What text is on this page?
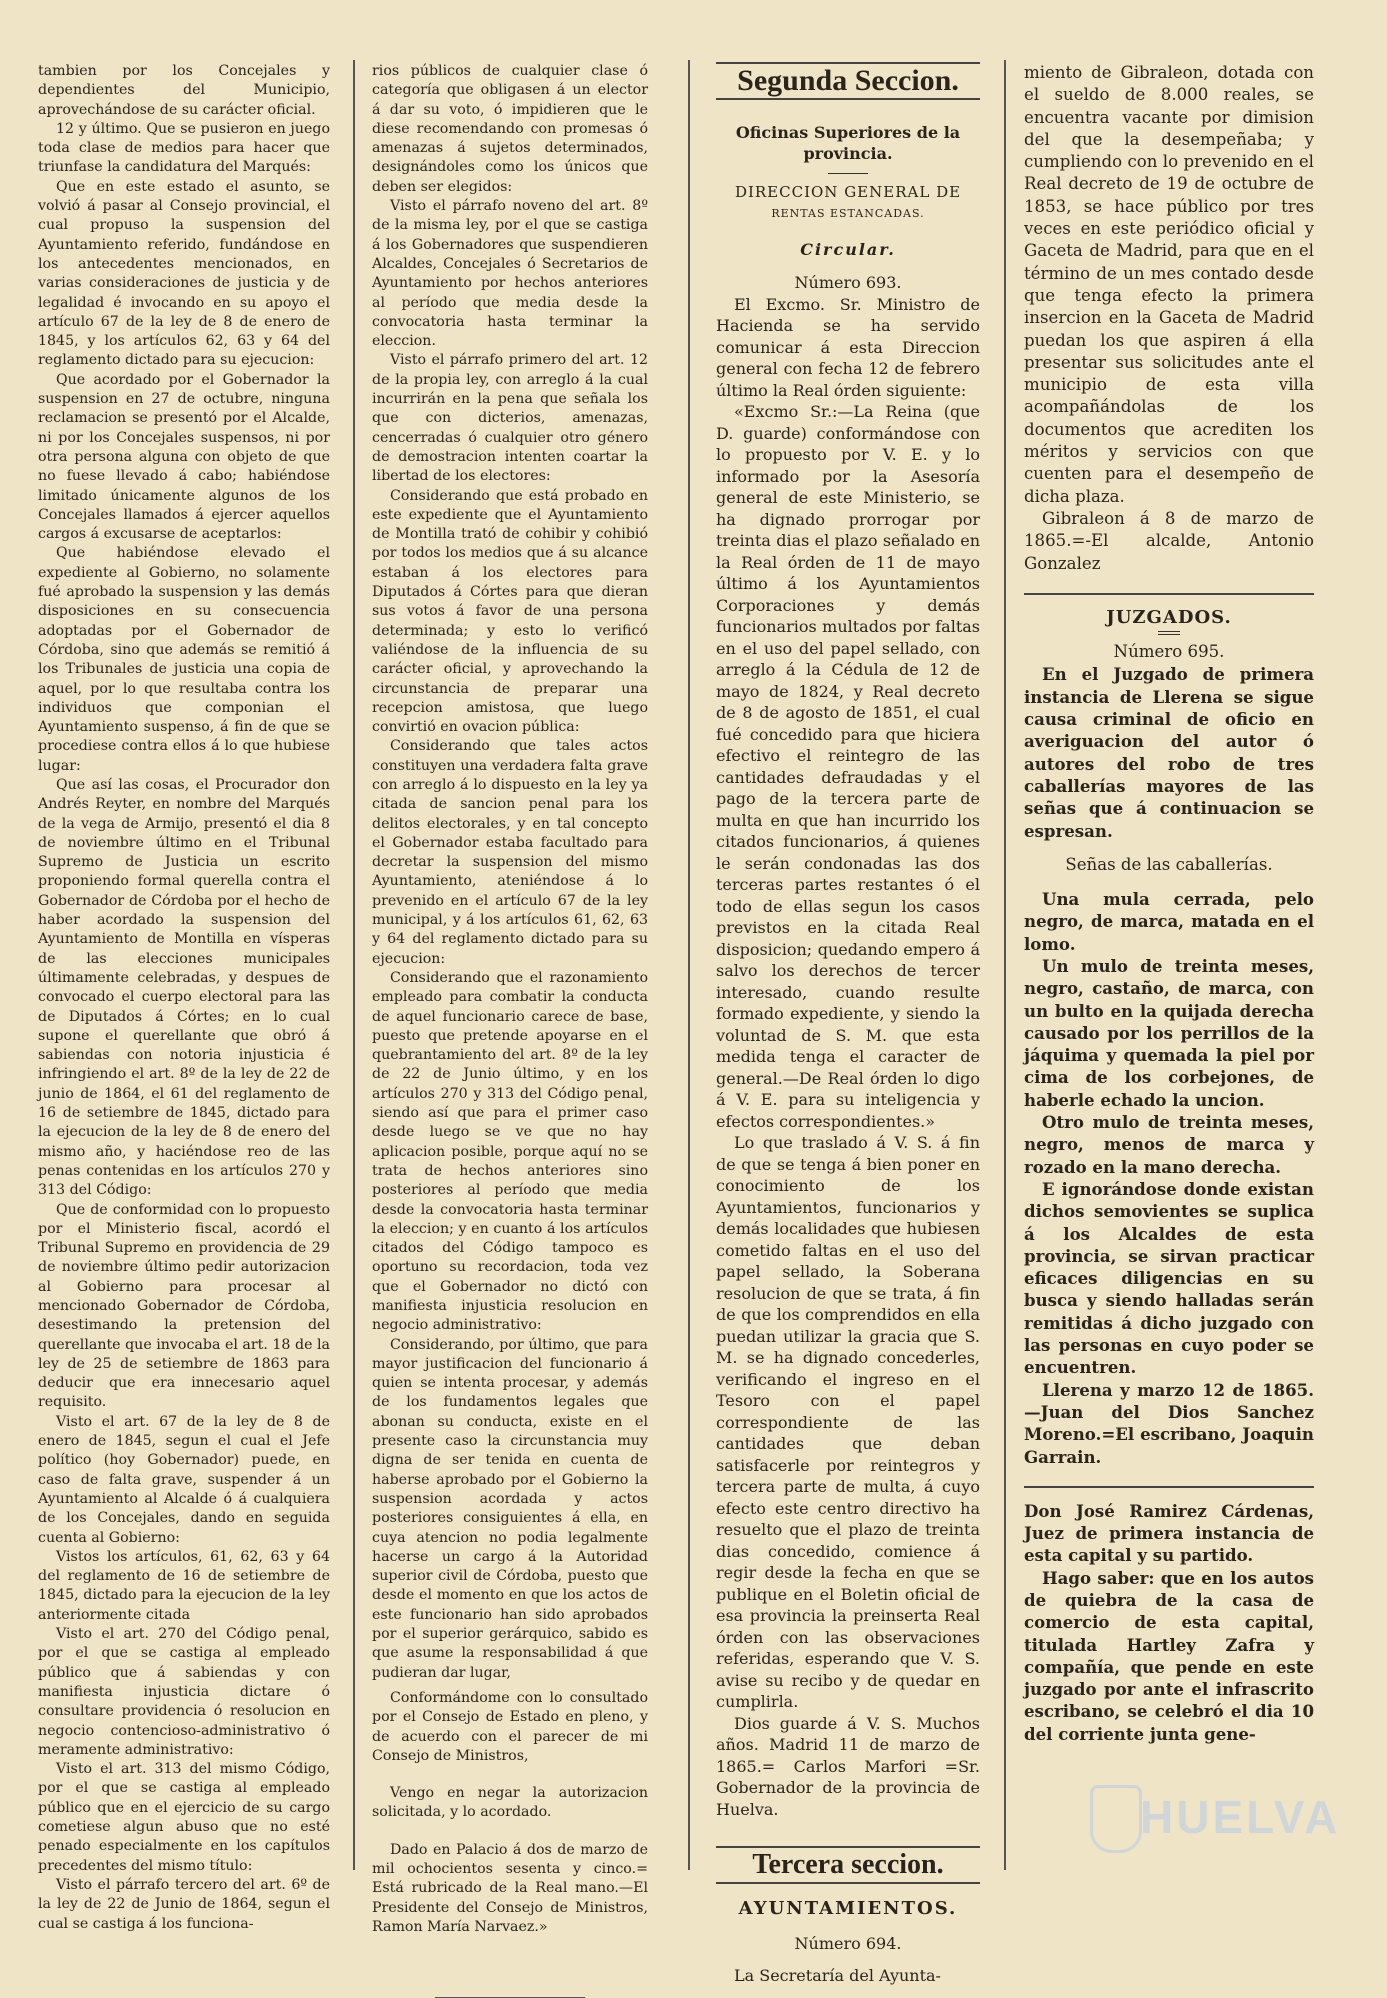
tambien por los Concejales y dependientes del Municipio, aprovechándose de su carácter oficial.

12 y último. Que se pusieron en juego toda clase de medios para hacer que triunfase la candidatura del Marqués:

Que en este estado el asunto, se volvió á pasar al Consejo provincial, el cual propuso la suspension del Ayuntamiento referido, fundándose en los antecedentes mencionados, en varias consideraciones de justicia y de legalidad é invocando en su apoyo el artículo 67 de la ley de 8 de enero de 1845, y los artículos 62, 63 y 64 del reglamento dictado para su ejecucion:

Que acordado por el Gobernador la suspension en 27 de octubre, ninguna reclamacion se presentó por el Alcalde, ni por los Concejales suspensos, ni por otra persona alguna con objeto de que no fuese llevado á cabo; habiéndose limitado únicamente algunos de los Concejales llamados á ejercer aquellos cargos á excusarse de aceptarlos:

Que habiéndose elevado el expediente al Gobierno, no solamente fué aprobado la suspension y las demás disposiciones en su consecuencia adoptadas por el Gobernador de Córdoba, sino que además se remitió á los Tribunales de justicia una copia de aquel, por lo que resultaba contra los individuos que componian el Ayuntamiento suspenso, á fin de que se procediese contra ellos á lo que hubiese lugar:

Que así las cosas, el Procurador don Andrés Reyter, en nombre del Marqués de la vega de Armijo, presentó el dia 8 de noviembre último en el Tribunal Supremo de Justicia un escrito proponiendo formal querella contra el Gobernador de Córdoba por el hecho de haber acordado la suspension del Ayuntamiento de Montilla en vísperas de las elecciones municipales últimamente celebradas, y despues de convocado el cuerpo electoral para las de Diputados á Córtes; en lo cual supone el querellante que obró á sabiendas con notoria injusticia é infringiendo el art. 8º de la ley de 22 de junio de 1864, el 61 del reglamento de 16 de setiembre de 1845, dictado para la ejecucion de la ley de 8 de enero del mismo año, y haciéndose reo de las penas contenidas en los artículos 270 y 313 del Código:

Que de conformidad con lo propuesto por el Ministerio fiscal, acordó el Tribunal Supremo en providencia de 29 de noviembre último pedir autorizacion al Gobierno para procesar al mencionado Gobernador de Córdoba, desestimando la pretension del querellante que invocaba el art. 18 de la ley de 25 de setiembre de 1863 para deducir que era innecesario aquel requisito.

Visto el art. 67 de la ley de 8 de enero de 1845, segun el cual el Jefe político (hoy Gobernador) puede, en caso de falta grave, suspender á un Ayuntamiento al Alcalde ó á cualquiera de los Concejales, dando en seguida cuenta al Gobierno:

Vistos los artículos, 61, 62, 63 y 64 del reglamento de 16 de setiembre de 1845, dictado para la ejecucion de la ley anteriormente citada

Visto el art. 270 del Código penal, por el que se castiga al empleado público que á sabiendas y con manifiesta injusticia dictare ó consultare providencia ó resolucion en negocio contencioso-administrativo ó meramente administrativo:

Visto el art. 313 del mismo Código, por el que se castiga al empleado público que en el ejercicio de su cargo cometiese algun abuso que no esté penado especialmente en los capítulos precedentes del mismo título:

Visto el párrafo tercero del art. 6º de la ley de 22 de Junio de 1864, segun el cual se castiga á los funciona-

rios públicos de cualquier clase ó categoría que obligasen á un elector á dar su voto, ó impidieren que le diese recomendando con promesas ó amenazas á sujetos determinados, designándoles como los únicos que deben ser elegidos:

Visto el párrafo noveno del art. 8º de la misma ley, por el que se castiga á los Gobernadores que suspendieren Alcaldes, Concejales ó Secretarios de Ayuntamiento por hechos anteriores al período que media desde la convocatoria hasta terminar la eleccion.

Visto el párrafo primero del art. 12 de la propia ley, con arreglo á la cual incurrirán en la pena que señala los que con dicterios, amenazas, cencerradas ó cualquier otro género de demostracion intenten coartar la libertad de los electores:

Considerando que está probado en este expediente que el Ayuntamiento de Montilla trató de cohibir y cohibió por todos los medios que á su alcance estaban á los electores para Diputados á Córtes para que dieran sus votos á favor de una persona determinada; y esto lo verificó valiéndose de la influencia de su carácter oficial, y aprovechando la circunstancia de preparar una recepcion amistosa, que luego convirtió en ovacion pública:

Considerando que tales actos constituyen una verdadera falta grave con arreglo á lo dispuesto en la ley ya citada de sancion penal para los delitos electorales, y en tal concepto el Gobernador estaba facultado para decretar la suspension del mismo Ayuntamiento, ateniéndose á lo prevenido en el artículo 67 de la ley municipal, y á los artículos 61, 62, 63 y 64 del reglamento dictado para su ejecucion:

Considerando que el razonamiento empleado para combatir la conducta de aquel funcionario carece de base, puesto que pretende apoyarse en el quebrantamiento del art. 8º de la ley de 22 de Junio último, y en los artículos 270 y 313 del Código penal, siendo así que para el primer caso desde luego se ve que no hay aplicacion posible, porque aquí no se trata de hechos anteriores sino posteriores al período que media desde la convocatoria hasta terminar la eleccion; y en cuanto á los artículos citados del Código tampoco es oportuno su recordacion, toda vez que el Gobernador no dictó con manifiesta injusticia resolucion en negocio administrativo:

Considerando, por último, que para mayor justificacion del funcionario á quien se intenta procesar, y además de los fundamentos legales que abonan su conducta, existe en el presente caso la circunstancia muy digna de ser tenida en cuenta de haberse aprobado por el Gobierno la suspension acordada y actos posteriores consiguientes á ella, en cuya atencion no podia legalmente hacerse un cargo á la Autoridad superior civil de Córdoba, puesto que desde el momento en que los actos de este funcionario han sido aprobados por el superior gerárquico, sabido es que asume la responsabilidad á que pudieran dar lugar,

Conformándome con lo consultado por el Consejo de Estado en pleno, y de acuerdo con el parecer de mi Consejo de Ministros,

Vengo en negar la autorizacion solicitada, y lo acordado.

Dado en Palacio á dos de marzo de mil ochocientos sesenta y cinco.= Está rubricado de la Real mano.—El Presidente del Consejo de Ministros, Ramon María Narvaez.»

Segunda Seccion.

Oficinas Superiores de la provincia.

DIRECCION GENERAL DE

RENTAS ESTANCADAS.

Circular.

Número 693.

El Excmo. Sr. Ministro de Hacienda se ha servido comunicar á esta Direccion general con fecha 12 de febrero último la Real órden siguiente:

«Excmo Sr.:—La Reina (que D. guarde) conformándose con lo propuesto por V. E. y lo informado por la Asesoría general de este Ministerio, se ha dignado prorrogar por treinta dias el plazo señalado en la Real órden de 11 de mayo último á los Ayuntamientos Corporaciones y demás funcionarios multados por faltas en el uso del papel sellado, con arreglo á la Cédula de 12 de mayo de 1824, y Real decreto de 8 de agosto de 1851, el cual fué concedido para que hiciera efectivo el reintegro de las cantidades defraudadas y el pago de la tercera parte de multa en que han incurrido los citados funcionarios, á quienes le serán condonadas las dos terceras partes restantes ó el todo de ellas segun los casos previstos en la citada Real disposicion; quedando empero á salvo los derechos de tercer interesado, cuando resulte formado expediente, y siendo la voluntad de S. M. que esta medida tenga el caracter de general.—De Real órden lo digo á V. E. para su inteligencia y efectos correspondientes.»

Lo que traslado á V. S. á fin de que se tenga á bien poner en conocimiento de los Ayuntamientos, funcionarios y demás localidades que hubiesen cometido faltas en el uso del papel sellado, la Soberana resolucion de que se trata, á fin de que los comprendidos en ella puedan utilizar la gracia que S. M. se ha dignado concederles, verificando el ingreso en el Tesoro con el papel correspondiente de las cantidades que deban satisfacerle por reintegros y tercera parte de multa, á cuyo efecto este centro directivo ha resuelto que el plazo de treinta dias concedido, comience á regir desde la fecha en que se publique en el Boletin oficial de esa provincia la preinserta Real órden con las observaciones referidas, esperando que V. S. avise su recibo y de quedar en cumplirla.

Dios guarde á V. S. Muchos años. Madrid 11 de marzo de 1865.= Carlos Marfori =Sr. Gobernador de la provincia de Huelva.

Tercera seccion.

AYUNTAMIENTOS.

Número 694.

La Secretaría del Ayunta-

miento de Gibraleon, dotada con el sueldo de 8.000 reales, se encuentra vacante por dimision del que la desempeñaba; y cumpliendo con lo prevenido en el Real decreto de 19 de octubre de 1853, se hace público por tres veces en este periódico oficial y Gaceta de Madrid, para que en el término de un mes contado desde que tenga efecto la primera insercion en la Gaceta de Madrid puedan los que aspiren á ella presentar sus solicitudes ante el municipio de esta villa acompañándolas de los documentos que acrediten los méritos y servicios con que cuenten para el desempeño de dicha plaza.

Gibraleon á 8 de marzo de 1865.=-El alcalde, Antonio Gonzalez

JUZGADOS.

Número 695.

En el Juzgado de primera instancia de Llerena se sigue causa criminal de oficio en averiguacion del autor ó autores del robo de tres caballerías mayores de las señas que á continuacion se espresan.

Señas de las caballerías.

Una mula cerrada, pelo negro, de marca, matada en el lomo.

Un mulo de treinta meses, negro, castaño, de marca, con un bulto en la quijada derecha causado por los perrillos de la jáquima y quemada la piel por cima de los corbejones, de haberle echado la uncion.

Otro mulo de treinta meses, negro, menos de marca y rozado en la mano derecha.

E ignorándose donde existan dichos semovientes se suplica á los Alcaldes de esta provincia, se sirvan practicar eficaces diligencias en su busca y siendo halladas serán remitidas á dicho juzgado con las personas en cuyo poder se encuentren.

Llerena y marzo 12 de 1865.—Juan del Dios Sanchez Moreno.=El escribano, Joaquin Garrain.

Don José Ramirez Cárdenas, Juez de primera instancia de esta capital y su partido.

Hago saber: que en los autos de quiebra de la casa de comercio de esta capital, titulada Hartley Zafra y compañía, que pende en este juzgado por ante el infrascrito escribano, se celebró el dia 10 del corriente junta gene-

HUELVA
